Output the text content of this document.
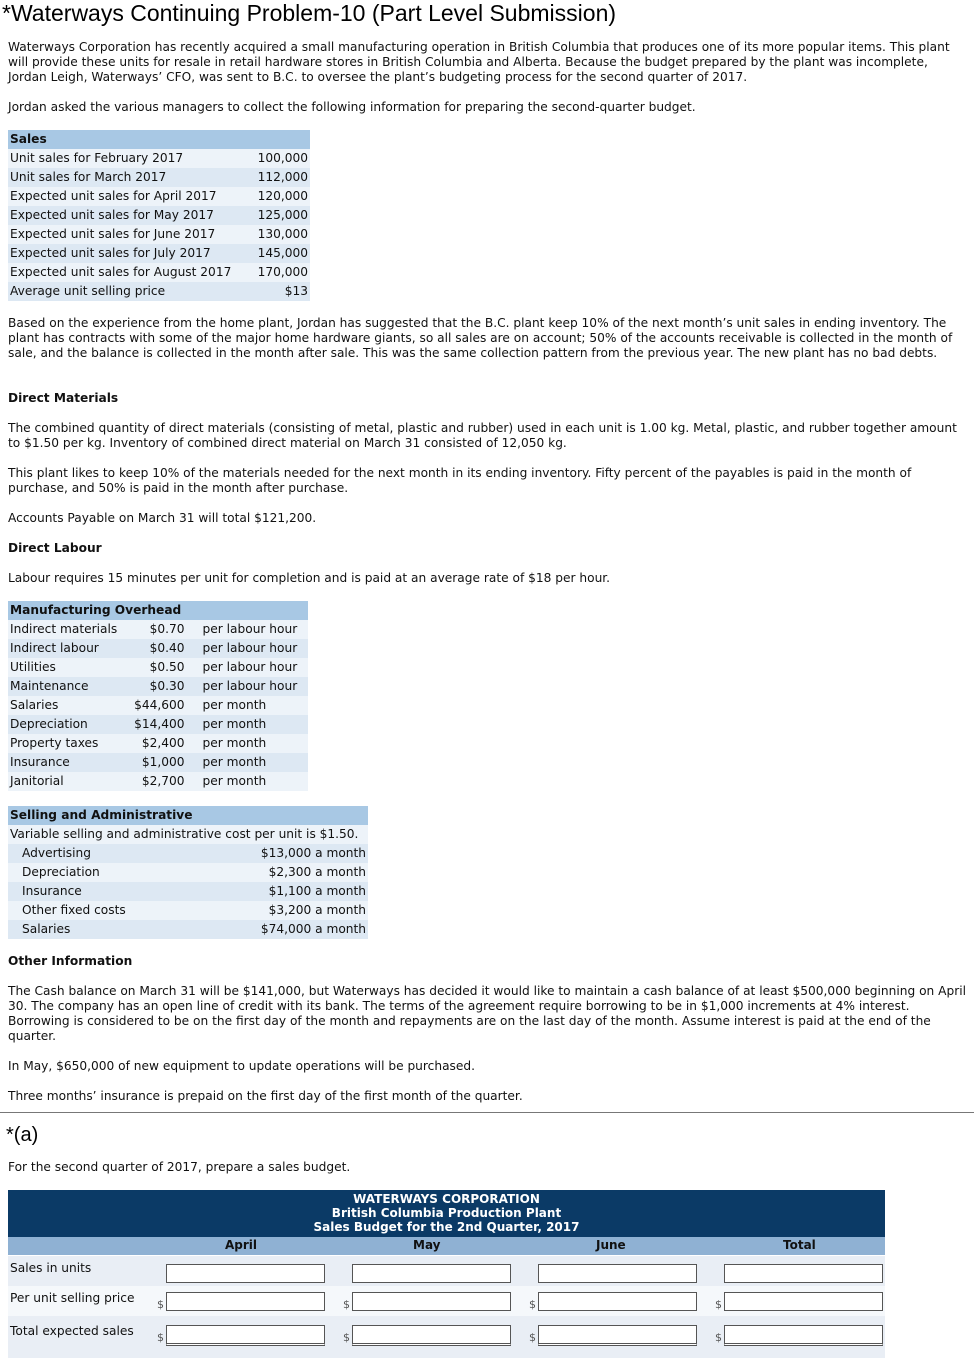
*Waterways Continuing Problem-10 (Part Level Submission)

Waterways Corporation has recently acquired a small manufacturing operation in British Columbia that produces one of its more popular items. This plant will provide these units for resale in retail hardware stores in British Columbia and Alberta. Because the budget prepared by the plant was incomplete, Jordan Leigh, Waterways’ CFO, was sent to B.C. to oversee the plant’s budgeting process for the second quarter of 2017.

Jordan asked the various managers to collect the following information for preparing the second-quarter budget.

Sales	
Unit sales for February 2017	100,000
Unit sales for March 2017	112,000
Expected unit sales for April 2017	120,000
Expected unit sales for May 2017	125,000
Expected unit sales for June 2017	130,000
Expected unit sales for July 2017	145,000
Expected unit sales for August 2017	170,000
Average unit selling price	$13

Based on the experience from the home plant, Jordan has suggested that the B.C. plant keep 10% of the next month’s unit sales in ending inventory. The plant has contracts with some of the major home hardware giants, so all sales are on account; 50% of the accounts receivable is collected in the month of sale, and the balance is collected in the month after sale. This was the same collection pattern from the previous year. The new plant has no bad debts.

Direct Materials

The combined quantity of direct materials (consisting of metal, plastic and rubber) used in each unit is 1.00 kg. Metal, plastic, and rubber together amount to $1.50 per kg. Inventory of combined direct material on March 31 consisted of 12,050 kg.

This plant likes to keep 10% of the materials needed for the next month in its ending inventory. Fifty percent of the payables is paid in the month of purchase, and 50% is paid in the month after purchase.

Accounts Payable on March 31 will total $121,200.

Direct Labour

Labour requires 15 minutes per unit for completion and is paid at an average rate of $18 per hour.

Manufacturing Overhead		
Indirect materials	$0.70	per labour hour
Indirect labour	$0.40	per labour hour
Utilities	$0.50	per labour hour
Maintenance	$0.30	per labour hour
Salaries	$44,600	per month
Depreciation	$14,400	per month
Property taxes	$2,400	per month
Insurance	$1,000	per month
Janitorial	$2,700	per month
Selling and Administrative	
Variable selling and administrative cost per unit is $1.50.	
Advertising	$13,000 a month
Depreciation	$2,300 a month
Insurance	$1,100 a month
Other fixed costs	$3,200 a month
Salaries	$74,000 a month

Other Information

The Cash balance on March 31 will be $141,000, but Waterways has decided it would like to maintain a cash balance of at least $500,000 beginning on April 30. The company has an open line of credit with its bank. The terms of the agreement require borrowing to be in $1,000 increments at 4% interest. Borrowing is considered to be on the first day of the month and repayments are on the last day of the month. Assume interest is paid at the end of the quarter.

In May, $650,000 of new equipment to update operations will be purchased.

Three months’ insurance is prepaid on the first day of the first month of the quarter.

*(a)

For the second quarter of 2017, prepare a sales budget.

WATERWAYS CORPORATION
British Columbia Production Plant
Sales Budget for the 2nd Quarter, 2017
April	May	June	Total
Sales in units
Per unit selling price $	$	$	$
Total expected sales $	$	$	$
